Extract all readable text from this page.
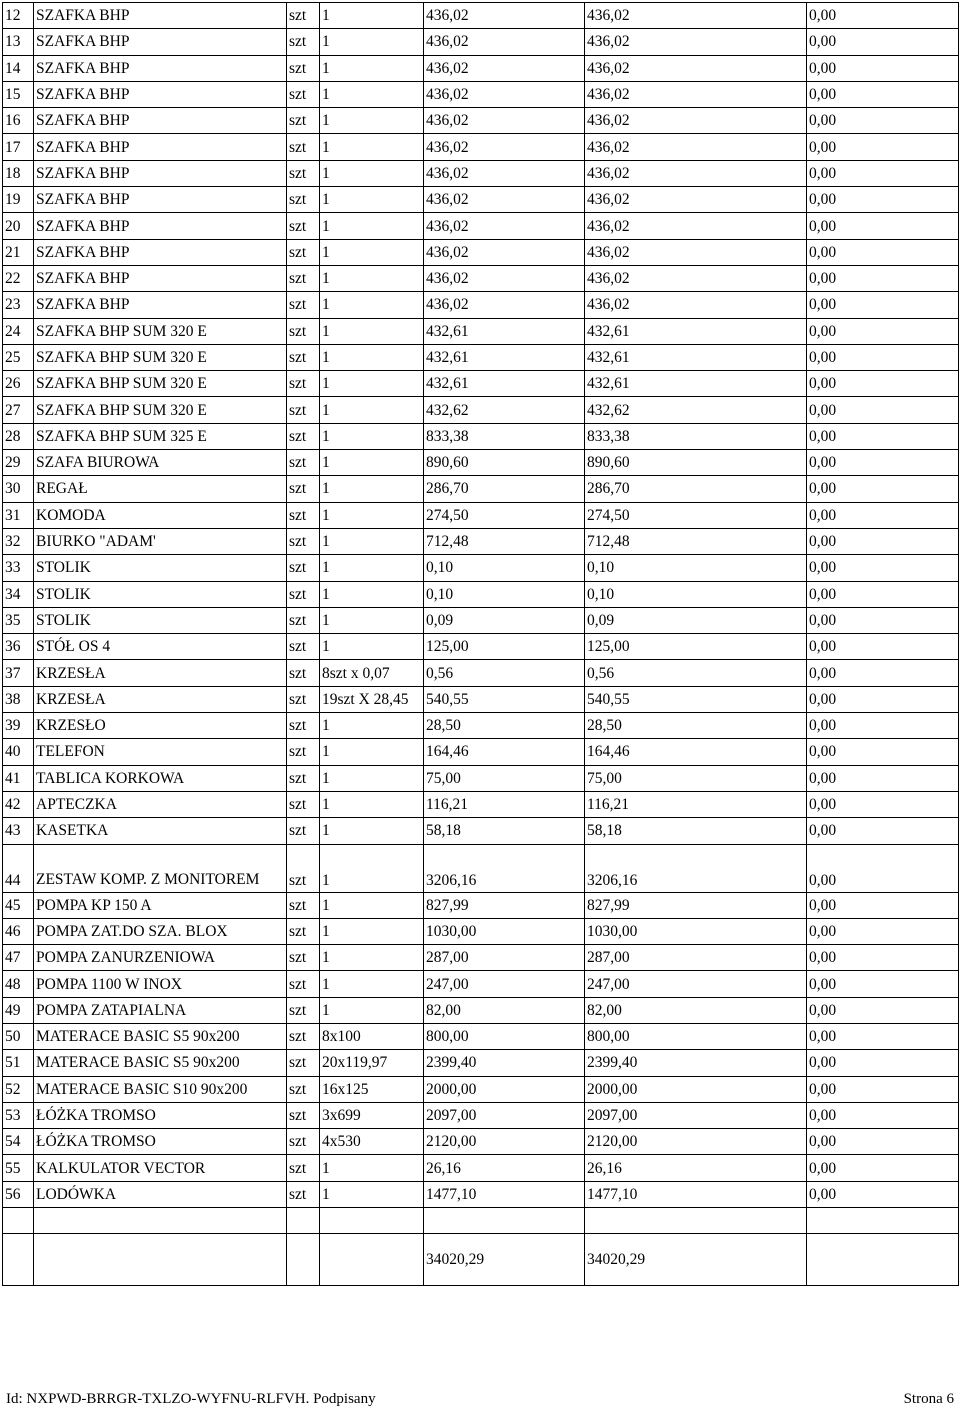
12	SZAFKA BHP	szt	1	436,02	436,02	0,00
13	SZAFKA BHP	szt	1	436,02	436,02	0,00
14	SZAFKA BHP	szt	1	436,02	436,02	0,00
15	SZAFKA BHP	szt	1	436,02	436,02	0,00
16	SZAFKA BHP	szt	1	436,02	436,02	0,00
17	SZAFKA BHP	szt	1	436,02	436,02	0,00
18	SZAFKA BHP	szt	1	436,02	436,02	0,00
19	SZAFKA BHP	szt	1	436,02	436,02	0,00
20	SZAFKA BHP	szt	1	436,02	436,02	0,00
21	SZAFKA BHP	szt	1	436,02	436,02	0,00
22	SZAFKA BHP	szt	1	436,02	436,02	0,00
23	SZAFKA BHP	szt	1	436,02	436,02	0,00
24	SZAFKA BHP SUM 320 E	szt	1	432,61	432,61	0,00
25	SZAFKA BHP SUM 320 E	szt	1	432,61	432,61	0,00
26	SZAFKA BHP SUM 320 E	szt	1	432,61	432,61	0,00
27	SZAFKA BHP SUM 320 E	szt	1	432,62	432,62	0,00
28	SZAFKA BHP SUM 325 E	szt	1	833,38	833,38	0,00
29	SZAFA BIUROWA	szt	1	890,60	890,60	0,00
30	REGAŁ	szt	1	286,70	286,70	0,00
31	KOMODA	szt	1	274,50	274,50	0,00
32	BIURKO "ADAM'	szt	1	712,48	712,48	0,00
33	STOLIK	szt	1	0,10	0,10	0,00
34	STOLIK	szt	1	0,10	0,10	0,00
35	STOLIK	szt	1	0,09	0,09	0,00
36	STÓŁ OS 4	szt	1	125,00	125,00	0,00
37	KRZESŁA	szt	8szt x 0,07	0,56	0,56	0,00
38	KRZESŁA	szt	19szt X 28,45	540,55	540,55	0,00
39	KRZESŁO	szt	1	28,50	28,50	0,00
40	TELEFON	szt	1	164,46	164,46	0,00
41	TABLICA KORKOWA	szt	1	75,00	75,00	0,00
42	APTECZKA	szt	1	116,21	116,21	0,00
43	KASETKA	szt	1	58,18	58,18	0,00
44	ZESTAW KOMP. Z MONITOREM	szt	1	3206,16	3206,16	0,00
45	POMPA KP 150 A	szt	1	827,99	827,99	0,00
46	POMPA ZAT.DO SZA. BLOX	szt	1	1030,00	1030,00	0,00
47	POMPA ZANURZENIOWA	szt	1	287,00	287,00	0,00
48	POMPA 1100 W INOX	szt	1	247,00	247,00	0,00
49	POMPA ZATAPIALNA	szt	1	82,00	82,00	0,00
50	MATERACE BASIC S5 90x200	szt	8x100	800,00	800,00	0,00
51	MATERACE BASIC S5 90x200	szt	20x119,97	2399,40	2399,40	0,00
52	MATERACE BASIC S10 90x200	szt	16x125	2000,00	2000,00	0,00
53	ŁÓŻKA TROMSO	szt	3x699	2097,00	2097,00	0,00
54	ŁÓŻKA TROMSO	szt	4x530	2120,00	2120,00	0,00
55	KALKULATOR VECTOR	szt	1	26,16	26,16	0,00
56	LODÓWKA	szt	1	1477,10	1477,10	0,00

				34020,29	34020,29	
Id: NXPWD-BRRGR-TXLZO-WYFNU-RLFVH. Podpisany	Strona 6
